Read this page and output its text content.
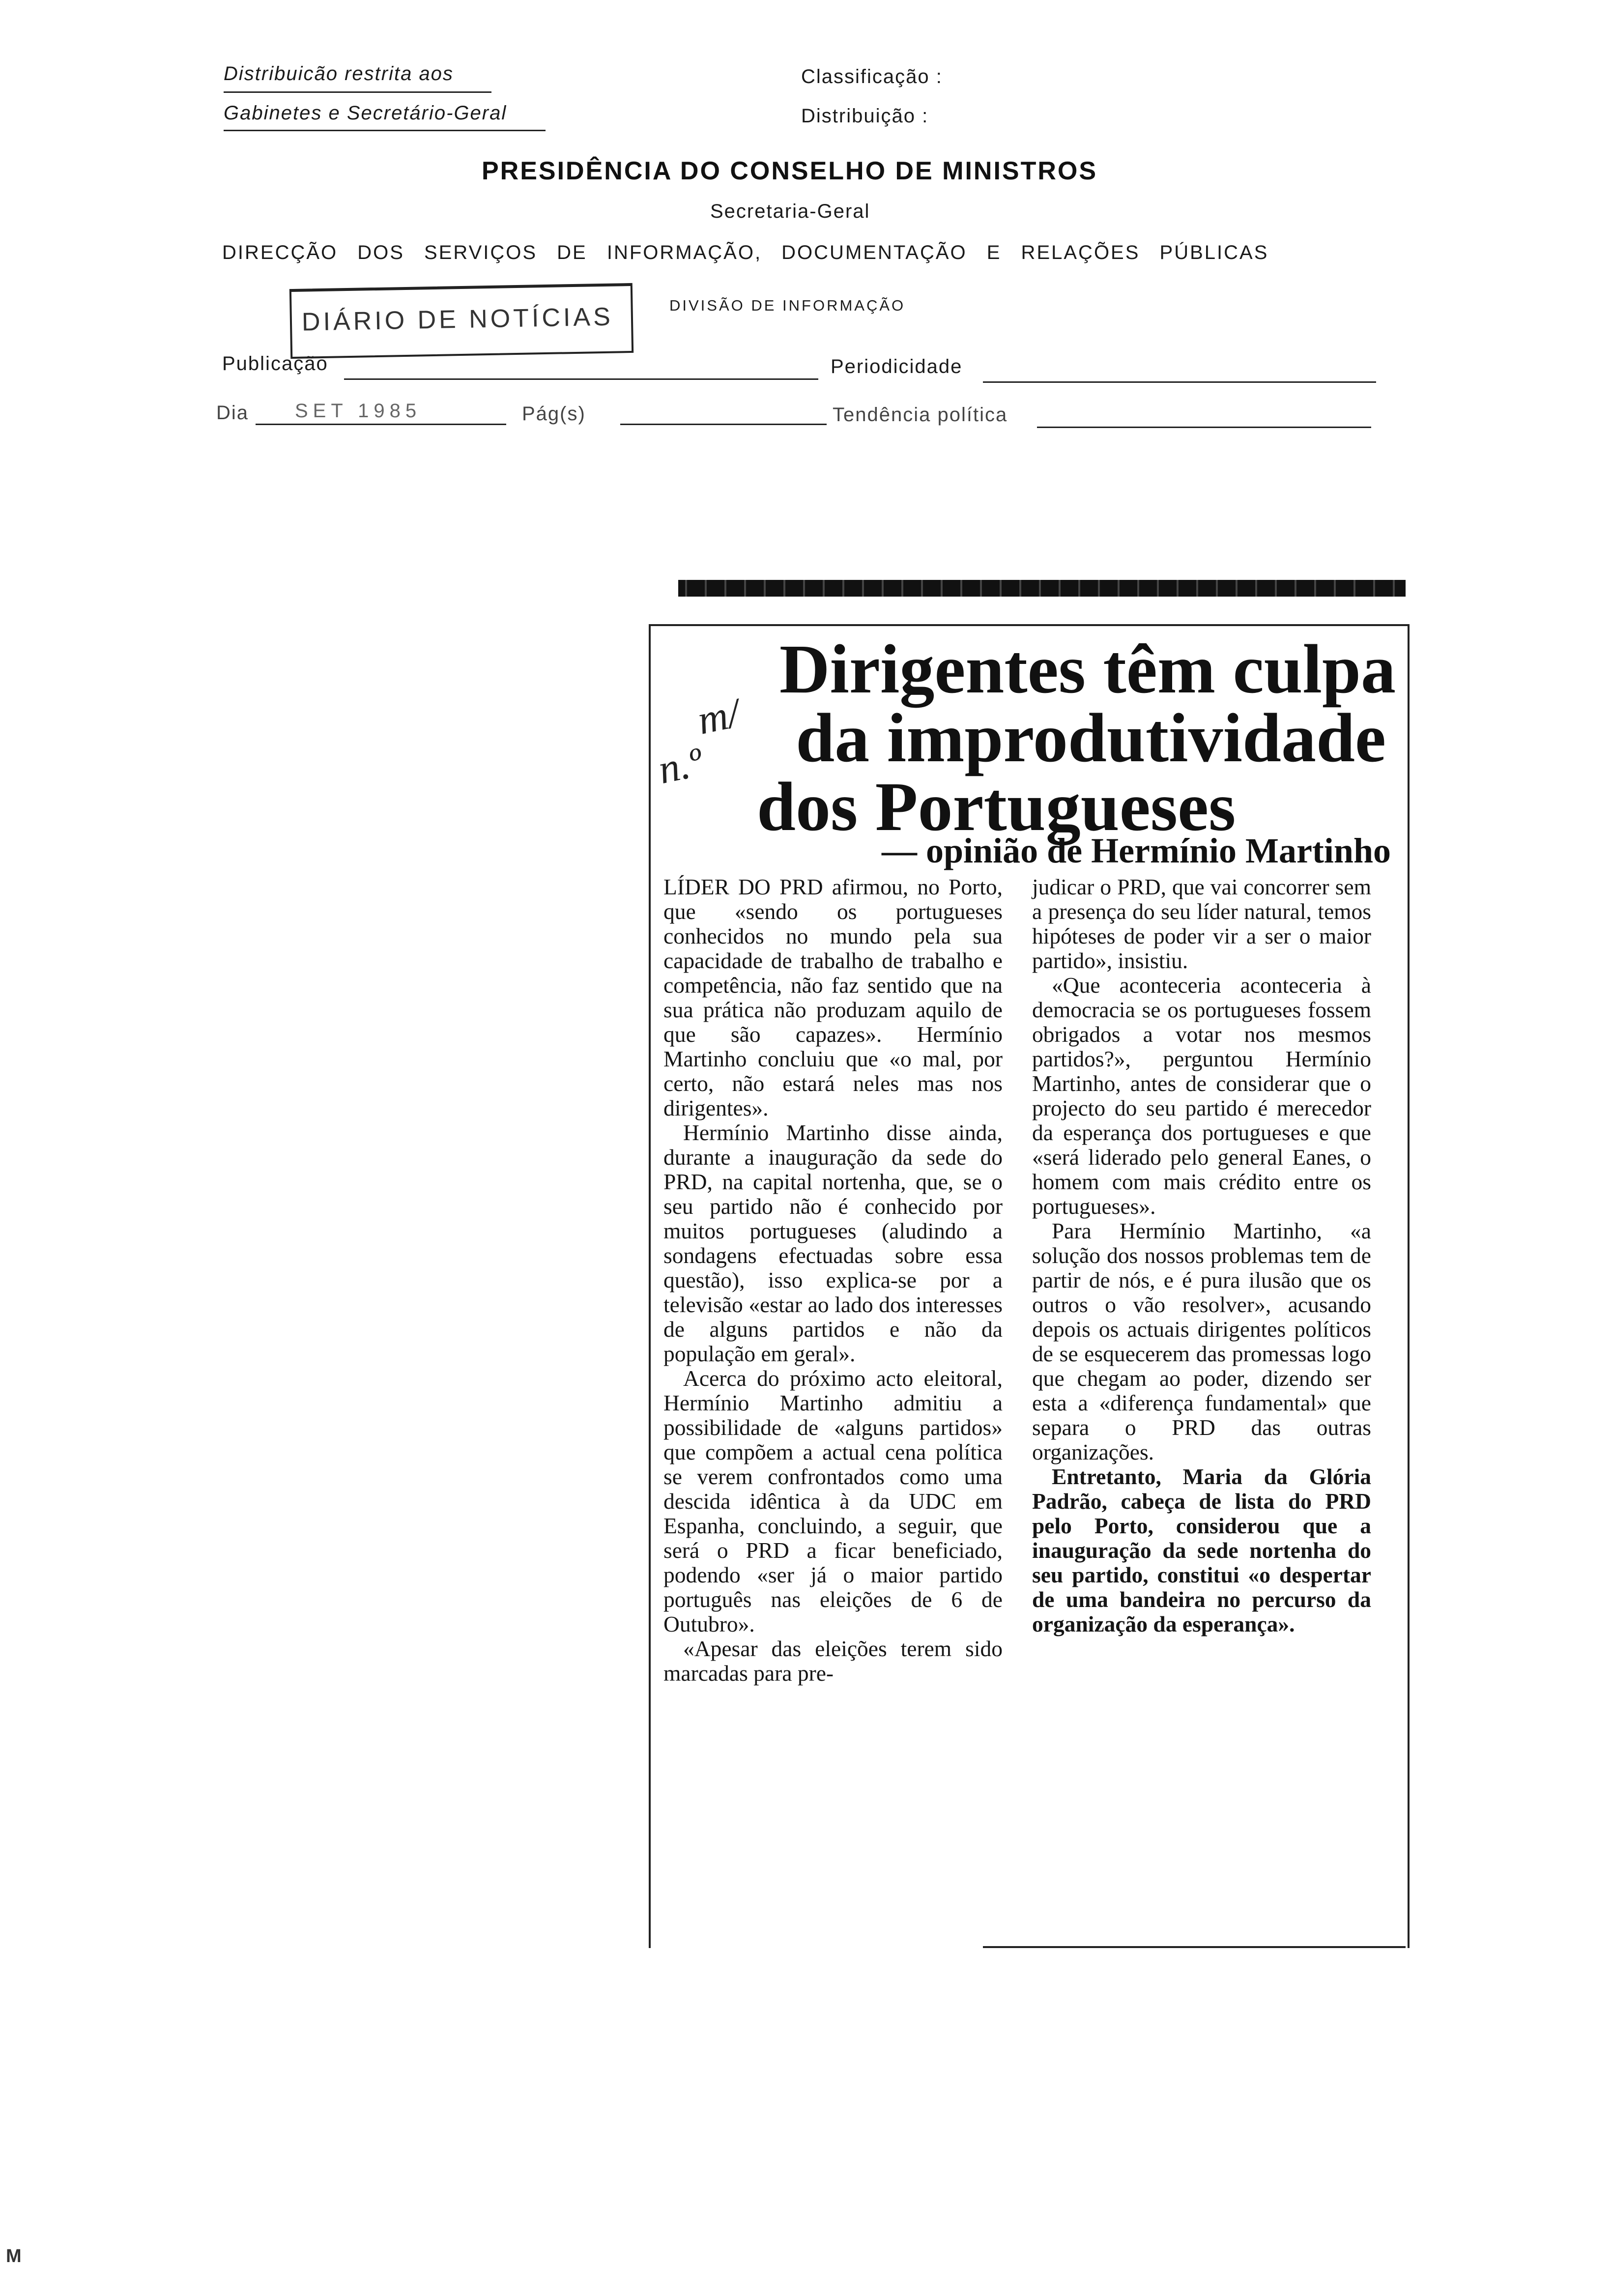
Distribuicão restrita aos
Gabinetes e Secretário-Geral
Classificação :
Distribuição :
PRESIDÊNCIA DO CONSELHO DE MINISTROS
Secretaria-Geral
DIRECÇÃO DOS SERVIÇOS DE INFORMAÇÃO, DOCUMENTAÇÃO E RELAÇÕES PÚBLICAS
DIÁRIO DE NOTÍCIAS	DIVISÃO DE INFORMAÇÃO
Publicação	Periodicidade
Dia SET 1985	Pág(s)	Tendência política
Dirigentes têm culpa
da improdutividade
dos Portugueses
— opinião de Hermínio Martinho
m/
n.º

LÍDER DO PRD afirmou, no Porto, que «sendo os portugueses conhecidos no mundo pela sua capacidade de trabalho de trabalho e competência, não faz sentido que na sua prática não produzam aquilo de que são capazes». Hermínio Martinho concluiu que «o mal, por certo, não estará neles mas nos dirigentes».

Hermínio Martinho disse ainda, durante a inauguração da sede do PRD, na capital nortenha, que, se o seu partido não é conhecido por muitos portugueses (aludindo a sondagens efectuadas sobre essa questão), isso explica-se por a televisão «estar ao lado dos interesses de alguns partidos e não da população em geral».

Acerca do próximo acto eleitoral, Hermínio Martinho admitiu a possibilidade de «alguns partidos» que compõem a actual cena política se verem confrontados como uma descida idêntica à da UDC em Espanha, concluindo, a seguir, que será o PRD a ficar beneficiado, podendo «ser já o maior partido português nas eleições de 6 de Outubro».

«Apesar das eleições terem sido marcadas para pre-

judicar o PRD, que vai concorrer sem a presença do seu líder natural, temos hipóteses de poder vir a ser o maior partido», insistiu.

«Que aconteceria aconteceria à democracia se os portugueses fossem obrigados a votar nos mesmos partidos?», perguntou Hermínio Martinho, antes de considerar que o projecto do seu partido é merecedor da esperança dos portugueses e que «será liderado pelo general Eanes, o homem com mais crédito entre os portugueses».

Para Hermínio Martinho, «a solução dos nossos problemas tem de partir de nós, e é pura ilusão que os outros o vão resolver», acusando depois os actuais dirigentes políticos de se esquecerem das promessas logo que chegam ao poder, dizendo ser esta a «diferença fundamental» que separa o PRD das outras organizações.

Entretanto, Maria da Glória Padrão, cabeça de lista do PRD pelo Porto, considerou que a inauguração da sede nortenha do seu partido, constitui «o despertar de uma bandeira no percurso da organização da esperança».

M
